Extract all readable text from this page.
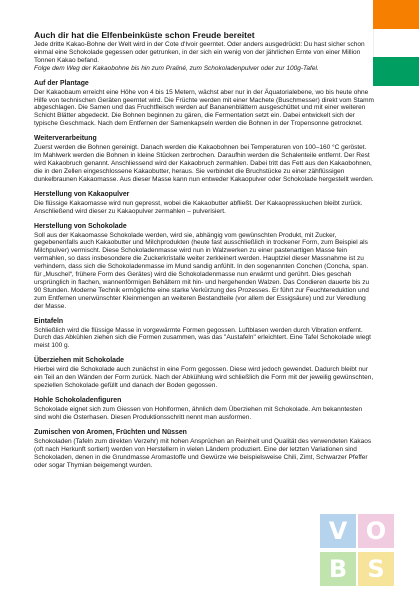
Auch dir hat die Elfenbeinküste schon Freude bereitet

Jede dritte Kakao-Bohne der Welt wird in der Cote d'Ivoir geerntet. Oder anders ausgedrückt: Du hast sicher schon einmal eine Schokolade gegessen oder getrunken, in der sich ein wenig von der jährlichen Ernte von einer Million Tonnen Kakao befand.

Folge dem Weg der Kakaobohne bis hin zum Praliné, zum Schokoladenpulver oder zur 100g-Tafel.

Auf der Plantage

Der Kakaobaum erreicht eine Höhe von 4 bis 15 Metern, wächst aber nur in der Äquatorialebene, wo bis heute ohne Hilfe von technischen Geräten geerntet wird. Die Früchte werden mit einer Machete (Buschmesser) direkt vom Stamm abgeschlagen. Die Samen und das Fruchtfleisch werden auf Bananenblättern ausgeschüttet und mit einer weiteren Schicht Blätter abgedeckt. Die Bohnen beginnen zu gären, die Fermentation setzt ein. Dabei entwickelt sich der typische Geschmack. Nach dem Entfernen der Samenkapseln werden die Bohnen in der Tropensonne getrocknet.

Weiterverarbeitung

Zuerst werden die Bohnen gereinigt. Danach werden die Kakaobohnen bei Temperaturen von 100–160 °C geröstet. Im Mahlwerk werden die Bohnen in kleine Stücken zerbrochen. Daraufhin werden die Schalenteile entfernt. Der Rest wird Kakaobruch genannt. Anschliessend wird der Kakaobruch zermahlen. Dabei tritt das Fett aus den Kakaobohnen, die in den Zellen eingeschlossene Kakaobutter, heraus. Sie verbindet die Bruchstücke zu einer zähflüssigen dunkelbraunen Kakaomasse. Aus dieser Masse kann nun entweder Kakaopulver oder Schokolade hergestellt werden.

Herstellung von Kakaopulver

Die flüssige Kakaomasse wird nun gepresst, wobei die Kakaobutter abfließt. Der Kakaopresskuchen bleibt zurück. Anschließend wird dieser zu Kakaopulver zermahlen – pulverisiert.

Herstellung von Schokolade

Soll aus der Kakaomasse Schokolade werden, wird sie, abhängig vom gewünschten Produkt, mit Zucker, gegebenenfalls auch Kakaobutter und Milchprodukten (heute fast ausschließlich in trockener Form, zum Beispiel als Milchpulver) vermischt. Diese Schokoladenmasse wird nun in Walzwerken zu einer pastenartigen Masse fein vermahlen, so dass insbesondere die Zuckerkristalle weiter zerkleinert werden. Hauptziel dieser Massnahme ist zu verhindern, dass sich die Schokoladenmasse im Mund sandig anfühlt. In den sogenannten Conchen (Concha, span. für „Muschel“, frühere Form des Gerätes) wird die Schokoladenmasse nun erwärmt und gerührt. Dies geschah ursprünglich in flachen, wannenförmigen Behältern mit hin- und hergehenden Walzen. Das Condieren dauerte bis zu 90 Stunden. Moderne Technik ermöglichte eine starke Verkürzung des Prozesses. Er führt zur Feuchtereduktion und zum Entfernen unerwünschter Kleinmengen an weiteren Bestandteile (vor allem der Essigsäure) und zur Veredlung der Masse.

Eintafeln

Schließlich wird die flüssige Masse in vorgewärmte Formen gegossen. Luftblasen werden durch Vibration entfernt. Durch das Abkühlen ziehen sich die Formen zusammen, was das "Austafeln" erleichtert. Eine Tafel Schokolade wiegt meist 100 g.

Überziehen mit Schokolade

Hierbei wird die Schokolade auch zunächst in eine Form gegossen. Diese wird jedoch gewendet. Dadurch bleibt nur ein Teil an den Wänden der Form zurück. Nach der Abkühlung wird schließlich die Form mit der jeweilig gewünschten, speziellen Schokolade gefüllt und danach der Boden gegossen.

Hohle Schokoladenfiguren

Schokolade eignet sich zum Giessen von Hohlformen, ähnlich dem Überziehen mit Schokolade. Am bekanntesten sind wohl die Osterhasen. Diesen Produktionsschritt nennt man ausformen.

Zumischen von Aromen, Früchten und Nüssen

Schokoladen (Tafeln zum direkten Verzehr) mit hohen Ansprüchen an Reinheit und Qualität des verwendeten Kakaos (oft nach Herkunft sortiert) werden von Herstellern in vielen Ländern produziert. Eine der letzten Variationen sind Schokoladen, denen in die Grundmasse Aromastoffe und Gewürze wie beispielsweise Chili, Zimt, Schwarzer Pfeffer oder sogar Thymian beigemengt wurden.

V O
B S
